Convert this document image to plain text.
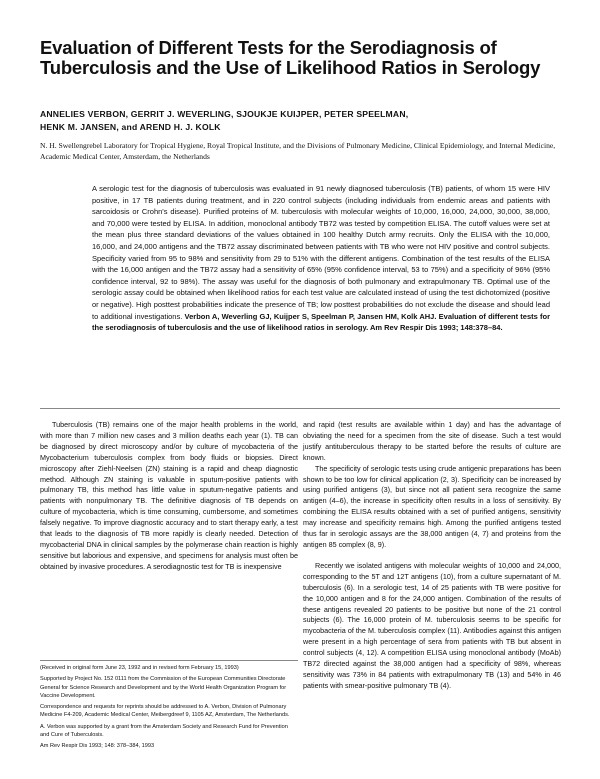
Evaluation of Different Tests for the Serodiagnosis of Tuberculosis and the Use of Likelihood Ratios in Serology
ANNELIES VERBON, GERRIT J. WEVERLING, SJOUKJE KUIJPER, PETER SPEELMAN,
HENK M. JANSEN, and AREND H. J. KOLK
N. H. Swellengrebel Laboratory for Tropical Hygiene, Royal Tropical Institute, and the Divisions of Pulmonary Medicine, Clinical Epidemiology, and Internal Medicine, Academic Medical Center, Amsterdam, the Netherlands
A serologic test for the diagnosis of tuberculosis was evaluated in 91 newly diagnosed tuberculosis (TB) patients, of whom 15 were HIV positive, in 17 TB patients during treatment, and in 220 control subjects (including individuals from endemic areas and patients with sarcoidosis or Crohn's disease). Purified proteins of M. tuberculosis with molecular weights of 10,000, 16,000, 24,000, 30,000, 38,000, and 70,000 were tested by ELISA. In addition, monoclonal antibody TB72 was tested by competition ELISA. The cutoff values were set at the mean plus three standard deviations of the values obtained in 100 healthy Dutch army recruits. Only the ELISA with the 10,000, 16,000, and 24,000 antigens and the TB72 assay discriminated between patients with TB who were not HIV positive and control subjects. Specificity varied from 95 to 98% and sensitivity from 29 to 51% with the different antigens. Combination of the test results of the ELISA with the 16,000 antigen and the TB72 assay had a sensitivity of 65% (95% confidence interval, 53 to 75%) and a specificity of 96% (95% confidence interval, 92 to 98%). The assay was useful for the diagnosis of both pulmonary and extrapulmonary TB. Optimal use of the serologic assay could be obtained when likelihood ratios for each test value are calculated instead of using the test dichotomized (positive or negative). High posttest probabilities indicate the presence of TB; low posttest probabilities do not exclude the disease and should lead to additional investigations. Verbon A, Weverling GJ, Kuijper S, Speelman P, Jansen HM, Kolk AHJ. Evaluation of different tests for the serodiagnosis of tuberculosis and the use of likelihood ratios in serology. Am Rev Respir Dis 1993; 148:378–84.

Tuberculosis (TB) remains one of the major health problems in the world, with more than 7 million new cases and 3 million deaths each year (1). TB can be diagnosed by direct microscopy and/or by culture of mycobacteria of the Mycobacterium tuberculosis complex from body fluids or biopsies. Direct microscopy after Ziehl-Neelsen (ZN) staining is a rapid and cheap diagnostic method. Although ZN staining is valuable in sputum-positive patients with pulmonary TB, this method has little value in sputum-negative patients and patients with nonpulmonary TB. The definitive diagnosis of TB depends on culture of mycobacteria, which is time consuming, cumbersome, and sometimes falsely negative. To improve diagnostic accuracy and to start therapy early, a test that leads to the diagnosis of TB more rapidly is clearly needed. Detection of mycobacterial DNA in clinical samples by the polymerase chain reaction is highly sensitive but laborious and expensive, and specimens for analysis must often be obtained by invasive procedures. A serodiagnostic test for TB is inexpensive

and rapid (test results are available within 1 day) and has the advantage of obviating the need for a specimen from the site of disease. Such a test would justify antituberculous therapy to be started before the results of culture are known.

The specificity of serologic tests using crude antigenic preparations has been shown to be too low for clinical application (2, 3). Specificity can be increased by using purified antigens (3), but since not all patient sera recognize the same antigen (4–6), the increase in specificity often results in a loss of sensitivity. By combining the ELISA results obtained with a set of purified antigens, sensitivity may increase and specificity remains high. Among the purified antigens tested thus far in serologic assays are the 38,000 antigen (4, 7) and proteins from the antigen 85 complex (8, 9).

Recently we isolated antigens with molecular weights of 10,000 and 24,000, corresponding to the 5T and 12T antigens (10), from a culture supernatant of M. tuberculosis (6). In a serologic test, 14 of 25 patients with TB were positive for the 10,000 antigen and 8 for the 24,000 antigen. Combination of the results of these antigens revealed 20 patients to be positive but none of the 21 control subjects (6). The 16,000 protein of M. tuberculosis seems to be specific for mycobacteria of the M. tuberculosis complex (11). Antibodies against this antigen were present in a high percentage of sera from patients with TB but absent in control subjects (4, 12). A competition ELISA using monoclonal antibody (MoAb) TB72 directed against the 38,000 antigen had a specificity of 98%, whereas sensitivity was 73% in 84 patients with extrapulmonary TB (13) and 54% in 46 patients with smear-positive pulmonary TB (4).

(Received in original form June 23, 1992 and in revised form February 15, 1993)

Supported by Project No. 152 0111 from the Commission of the European Communities Directorate General for Science Research and Development and by the World Health Organization Program for Vaccine Development.

Correspondence and requests for reprints should be addressed to A. Verbon, Division of Pulmonary Medicine F4-209, Academic Medical Center, Meibergdreef 9, 1105 AZ, Amsterdam, The Netherlands.

A. Verbon was supported by a grant from the Amsterdam Society and Research Fund for Prevention and Cure of Tuberculosis.

Am Rev Respir Dis 1993; 148: 378–384, 1993
